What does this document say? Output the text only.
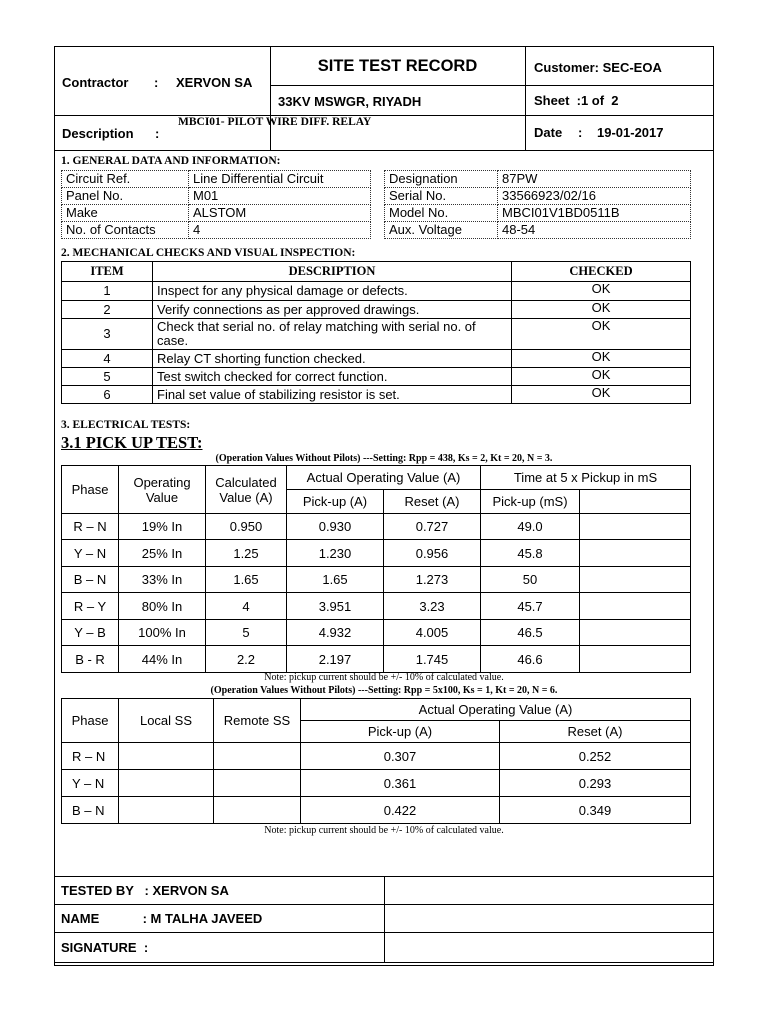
Contractor : XERVON SA
SITE TEST RECORD	Customer: SEC-EOA
33KV MSWGR, RIYADH	Sheet  :1 of  2
Description :
MBCI01- PILOT WIRE DIFF. RELAY
Date : 19-01-2017
1. GENERAL DATA AND INFORMATION:
Circuit Ref.	Line Differential Circuit
Panel No.	M01
Make	ALSTOM
No. of Contacts	4
Designation	87PW
Serial No.	33566923/02/16
Model No.	MBCI01V1BD0511B
Aux. Voltage	48-54
2. MECHANICAL CHECKS AND VISUAL INSPECTION:
ITEM	DESCRIPTION	CHECKED
1	Inspect for any physical damage or defects.	OK
2	Verify connections as per approved drawings.	OK
3	Check that serial no. of relay matching with serial no. of case.	OK
4	Relay CT shorting function checked.	OK
5	Test switch checked for correct function.	OK
6	Final set value of stabilizing resistor is set.	OK
3. ELECTRICAL TESTS:
3.1 PICK UP TEST:
(Operation Values Without Pilots) ---Setting: Rpp = 438, Ks = 2, Kt = 20, N = 3.
Phase	Operating Value	Calculated Value (A)	Actual Operating Value (A)		Time at 5 x Pickup in mS	
			Pick-up (A)	Reset (A)	Pick-up (mS)	
R – N	19% In	0.950	0.930	0.727	49.0	
Y – N	25% In	1.25	1.230	0.956	45.8	
B – N	33% In	1.65	1.65	1.273	50	
R – Y	80% In	4	3.951	3.23	45.7	
Y – B	100% In	5	4.932	4.005	46.5	
B - R	44% In	2.2	2.197	1.745	46.6	
Note: pickup current should be +/- 10% of calculated value.
(Operation Values Without Pilots) ---Setting: Rpp = 5x100, Ks = 1, Kt = 20, N = 6.
Phase	Local SS	Remote SS	Actual Operating Value (A)	
			Pick-up (A)	Reset (A)
R – N			0.307	0.252
Y – N			0.361	0.293
B – N			0.422	0.349
Note: pickup current should be +/- 10% of calculated value.
TESTED BY   : XERVON SA	
NAME            : M TALHA JAVEED	
SIGNATURE  :	
